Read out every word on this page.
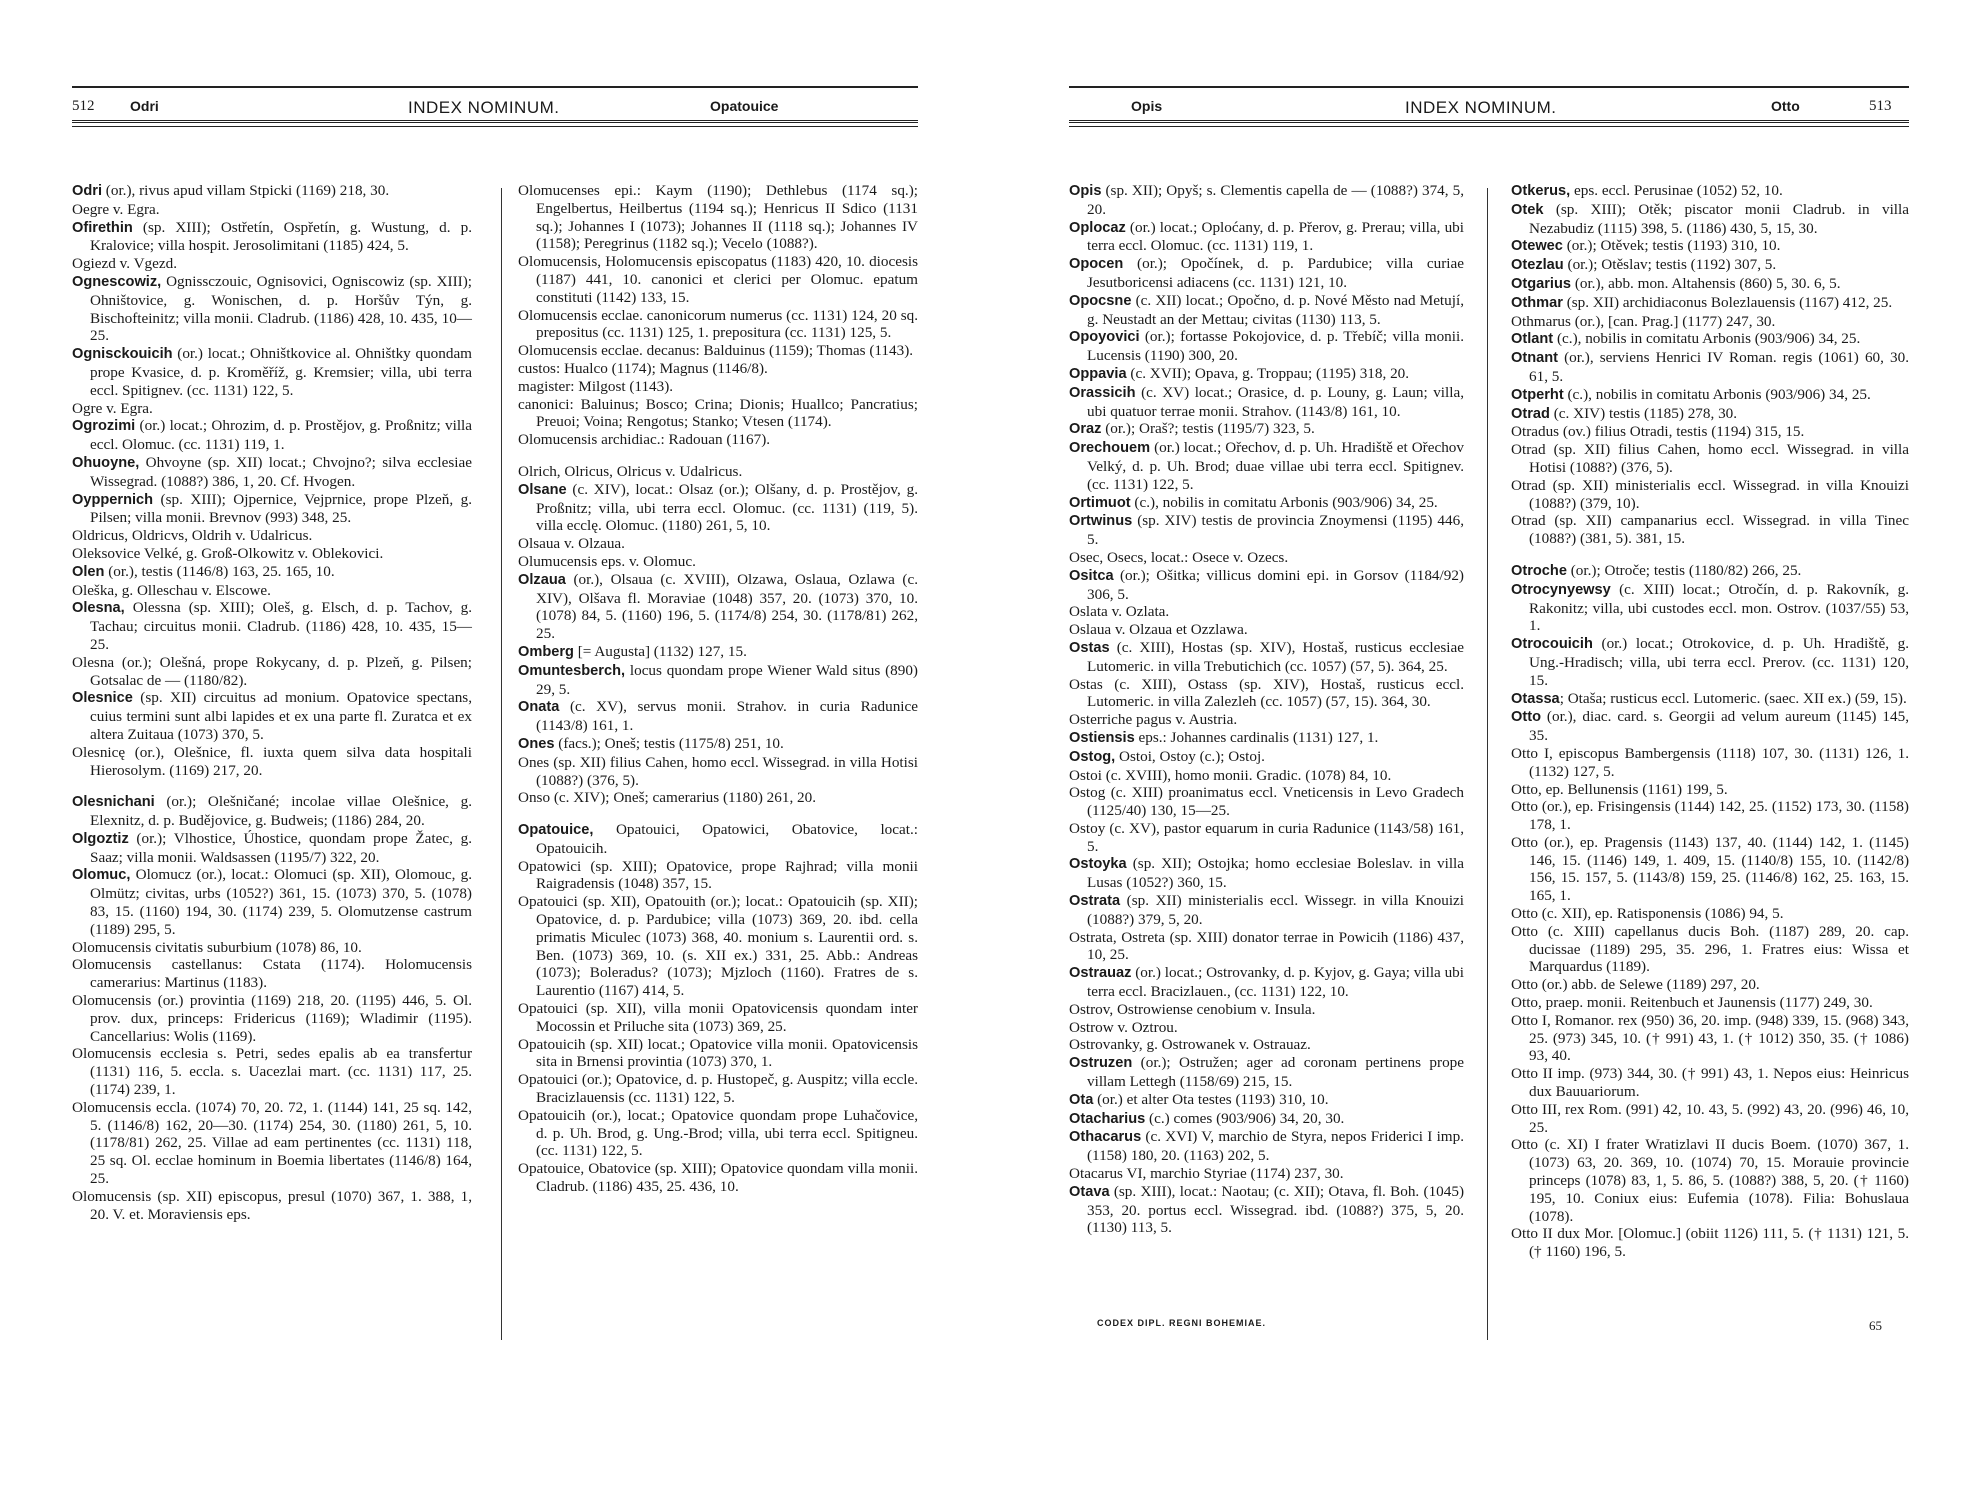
512	Odri	INDEX NOMINUM.	Opatouice
Odri (or.), rivus apud villam Stpicki (1169) 218, 30.
Oegre v. Egra.
Ofirethin (sp. XIII); Ostřetín, Ospřetín, g. Wustung, d. p. Kralovice; villa hospit. Jerosolimitani (1185) 424, 5.
Ogiezd v. Vgezd.
Ognescowiz, Ognissczouic, Ognisovici, Ogniscowiz (sp. XIII); Ohništovice, g. Wonischen, d. p. Horšův Týn, g. Bischofteinitz; villa monii. Cladrub. (1186) 428, 10. 435, 10—25.
Ognisckouicih (or.) locat.; Ohništkovice al. Ohništky quondam prope Kvasice, d. p. Kroměříž, g. Kremsier; villa, ubi terra eccl. Spitignev. (cc. 1131) 122, 5.
Ogre v. Egra.
Ogrozimi (or.) locat.; Ohrozim, d. p. Prostějov, g. Proßnitz; villa eccl. Olomuc. (cc. 1131) 119, 1.
Ohuoyne, Ohvoyne (sp. XII) locat.; Chvojno?; silva ecclesiae Wissegrad. (1088?) 386, 1, 20. Cf. Hvogen.
Oyppernich (sp. XIII); Ojpernice, Vejprnice, prope Plzeň, g. Pilsen; villa monii. Brevnov (993) 348, 25.
Oldricus, Oldricvs, Oldrih v. Udalricus.
Oleksovice Velké, g. Groß-Olkowitz v. Oblekovici.
Olen (or.), testis (1146/8) 163, 25. 165, 10.
Oleška, g. Olleschau v. Elscowe.
Olesna, Olessna (sp. XIII); Oleš, g. Elsch, d. p. Tachov, g. Tachau; circuitus monii. Cladrub. (1186) 428, 10. 435, 15—25.
Olesna (or.); Olešná, prope Rokycany, d. p. Plzeň, g. Pilsen; Gotsalac de — (1180/82).
Olesnice (sp. XII) circuitus ad monium. Opatovice spectans, cuius termini sunt albi lapides et ex una parte fl. Zuratca et ex altera Zuitaua (1073) 370, 5.
Olesnicę (or.), Olešnice, fl. iuxta quem silva data hospitali Hierosolym. (1169) 217, 20.
Olesnichani (or.); Olešničané; incolae villae Olešnice, g. Elexnitz, d. p. Budějovice, g. Budweis; (1186) 284, 20.
Olgoztiz (or.); Vlhostice, Úhostice, quondam prope Žatec, g. Saaz; villa monii. Waldsassen (1195/7) 322, 20.
Olomuc, Olomucz (or.), locat.: Olomuci (sp. XII), Olomouc, g. Olmütz; civitas, urbs (1052?) 361, 15. (1073) 370, 5. (1078) 83, 15. (1160) 194, 30. (1174) 239, 5. Olomutzense castrum (1189) 295, 5.
Olomucensis civitatis suburbium (1078) 86, 10.
Olomucensis castellanus: Cstata (1174). Holomucensis camerarius: Martinus (1183).
Olomucensis (or.) provintia (1169) 218, 20. (1195) 446, 5. Ol. prov. dux, princeps: Fridericus (1169); Wladimir (1195). Cancellarius: Wolis (1169).
Olomucensis ecclesia s. Petri, sedes epalis ab ea transfertur (1131) 116, 5. eccla. s. Uacezlai mart. (cc. 1131) 117, 25. (1174) 239, 1.
Olomucensis eccla. (1074) 70, 20. 72, 1. (1144) 141, 25 sq. 142, 5. (1146/8) 162, 20—30. (1174) 254, 30. (1180) 261, 5, 10. (1178/81) 262, 25. Villae ad eam pertinentes (cc. 1131) 118, 25 sq. Ol. ecclae hominum in Boemia libertates (1146/8) 164, 25.
Olomucensis (sp. XII) episcopus, presul (1070) 367, 1. 388, 1, 20. V. et. Moraviensis eps.
Olomucenses epi.: Kaym (1190); Dethlebus (1174 sq.); Engelbertus, Heilbertus (1194 sq.); Henricus II Sdico (1131 sq.); Johannes I (1073); Johannes II (1118 sq.); Johannes IV (1158); Peregrinus (1182 sq.); Vecelo (1088?).
Olomucensis, Holomucensis episcopatus (1183) 420, 10. diocesis (1187) 441, 10. canonici et clerici per Olomuc. epatum constituti (1142) 133, 15.
Olomucensis ecclae. canonicorum numerus (cc. 1131) 124, 20 sq. prepositus (cc. 1131) 125, 1. prepositura (cc. 1131) 125, 5.
Olomucensis ecclae. decanus: Balduinus (1159); Thomas (1143).
custos: Hualco (1174); Magnus (1146/8).
magister: Milgost (1143).
canonici: Baluinus; Bosco; Crina; Dionis; Huallco; Pancratius; Preuoi; Voina; Rengotus; Stanko; Vtesen (1174).
Olomucensis archidiac.: Radouan (1167).
Olrich, Olricus, Olricus v. Udalricus.
Olsane (c. XIV), locat.: Olsaz (or.); Olšany, d. p. Prostějov, g. Proßnitz; villa, ubi terra eccl. Olomuc. (cc. 1131) (119, 5). villa ecclę. Olomuc. (1180) 261, 5, 10.
Olsaua v. Olzaua.
Olumucensis eps. v. Olomuc.
Olzaua (or.), Olsaua (c. XVIII), Olzawa, Oslaua, Ozlawa (c. XIV), Olšava fl. Moraviae (1048) 357, 20. (1073) 370, 10. (1078) 84, 5. (1160) 196, 5. (1174/8) 254, 30. (1178/81) 262, 25.
Omberg [= Augusta] (1132) 127, 15.
Omuntesberch, locus quondam prope Wiener Wald situs (890) 29, 5.
Onata (c. XV), servus monii. Strahov. in curia Radunice (1143/8) 161, 1.
Ones (facs.); Oneš; testis (1175/8) 251, 10.
Ones (sp. XII) filius Cahen, homo eccl. Wissegrad. in villa Hotisi (1088?) (376, 5).
Onso (c. XIV); Oneš; camerarius (1180) 261, 20.
Opatouice, Opatouici, Opatowici, Obatovice, locat.: Opatouicih.
Opatowici (sp. XIII); Opatovice, prope Rajhrad; villa monii Raigradensis (1048) 357, 15.
Opatouici (sp. XII), Opatouith (or.); locat.: Opatouicih (sp. XII); Opatovice, d. p. Pardubice; villa (1073) 369, 20. ibd. cella primatis Miculec (1073) 368, 40. monium s. Laurentii ord. s. Ben. (1073) 369, 10. (s. XII ex.) 331, 25. Abb.: Andreas (1073); Boleradus? (1073); Mjzloch (1160). Fratres de s. Laurentio (1167) 414, 5.
Opatouici (sp. XII), villa monii Opatovicensis quondam inter Mocossin et Priluche sita (1073) 369, 25.
Opatouicih (sp. XII) locat.; Opatovice villa monii. Opatovicensis sita in Brnensi provintia (1073) 370, 1.
Opatouici (or.); Opatovice, d. p. Hustopeč, g. Auspitz; villa eccle. Bracizlauensis (cc. 1131) 122, 5.
Opatouicih (or.), locat.; Opatovice quondam prope Luhačovice, d. p. Uh. Brod, g. Ung.-Brod; villa, ubi terra eccl. Spitigneu. (cc. 1131) 122, 5.
Opatouice, Obatovice (sp. XIII); Opatovice quondam villa monii. Cladrub. (1186) 435, 25. 436, 10.
Opis	INDEX NOMINUM.	Otto	513
Opis (sp. XII); Opyš; s. Clementis capella de — (1088?) 374, 5, 20.
Oplocaz (or.) locat.; Oploćany, d. p. Přerov, g. Prerau; villa, ubi terra eccl. Olomuc. (cc. 1131) 119, 1.
Opocen (or.); Opočínek, d. p. Pardubice; villa curiae Jesutboricensi adiacens (cc. 1131) 121, 10.
Opocsne (c. XII) locat.; Opočno, d. p. Nové Město nad Metují, g. Neustadt an der Mettau; civitas (1130) 113, 5.
Opoyovici (or.); fortasse Pokojovice, d. p. Třebíč; villa monii. Lucensis (1190) 300, 20.
Oppavia (c. XVII); Opava, g. Troppau; (1195) 318, 20.
Orassicih (c. XV) locat.; Orasice, d. p. Louny, g. Laun; villa, ubi quatuor terrae monii. Strahov. (1143/8) 161, 10.
Oraz (or.); Oraš?; testis (1195/7) 323, 5.
Orechouem (or.) locat.; Ořechov, d. p. Uh. Hradiště et Ořechov Velký, d. p. Uh. Brod; duae villae ubi terra eccl. Spitignev. (cc. 1131) 122, 5.
Ortimuot (c.), nobilis in comitatu Arbonis (903/906) 34, 25.
Ortwinus (sp. XIV) testis de provincia Znoymensi (1195) 446, 5.
Osec, Osecs, locat.: Osece v. Ozecs.
Ositca (or.); Ošitka; villicus domini epi. in Gorsov (1184/92) 306, 5.
Oslata v. Ozlata.
Oslaua v. Olzaua et Ozzlawa.
Ostas (c. XIII), Hostas (sp. XIV), Hostaš, rusticus ecclesiae Lutomeric. in villa Trebutichich (cc. 1057) (57, 5). 364, 25.
Ostas (c. XIII), Ostass (sp. XIV), Hostaš, rusticus eccl. Lutomeric. in villa Zalezleh (cc. 1057) (57, 15). 364, 30.
Osterriche pagus v. Austria.
Ostiensis eps.: Johannes cardinalis (1131) 127, 1.
Ostog, Ostoi, Ostoy (c.); Ostoj.
Ostoi (c. XVIII), homo monii. Gradic. (1078) 84, 10.
Ostog (c. XIII) proanimatus eccl. Vneticensis in Levo Gradech (1125/40) 130, 15—25.
Ostoy (c. XV), pastor equarum in curia Radunice (1143/58) 161, 5.
Ostoyka (sp. XII); Ostojka; homo ecclesiae Boleslav. in villa Lusas (1052?) 360, 15.
Ostrata (sp. XII) ministerialis eccl. Wissegr. in villa Knouizi (1088?) 379, 5, 20.
Ostrata, Ostreta (sp. XIII) donator terrae in Powicih (1186) 437, 10, 25.
Ostrauaz (or.) locat.; Ostrovanky, d. p. Kyjov, g. Gaya; villa ubi terra eccl. Bracizlauen., (cc. 1131) 122, 10.
Ostrov, Ostrowiense cenobium v. Insula.
Ostrow v. Oztrou.
Ostrovanky, g. Ostrowanek v. Ostrauaz.
Ostruzen (or.); Ostružen; ager ad coronam pertinens prope villam Lettegh (1158/69) 215, 15.
Ota (or.) et alter Ota testes (1193) 310, 10.
Otacharius (c.) comes (903/906) 34, 20, 30.
Othacarus (c. XVI) V, marchio de Styra, nepos Friderici I imp. (1158) 180, 20. (1163) 202, 5.
Otacarus VI, marchio Styriae (1174) 237, 30.
Otava (sp. XIII), locat.: Naotau; (c. XII); Otava, fl. Boh. (1045) 353, 20. portus eccl. Wissegrad. ibd. (1088?) 375, 5, 20. (1130) 113, 5.
Otkerus, eps. eccl. Perusinae (1052) 52, 10.
Otek (sp. XIII); Otěk; piscator monii Cladrub. in villa Nezabudiz (1115) 398, 5. (1186) 430, 5, 15, 30.
Otewec (or.); Otěvek; testis (1193) 310, 10.
Otezlau (or.); Otěslav; testis (1192) 307, 5.
Otgarius (or.), abb. mon. Altahensis (860) 5, 30. 6, 5.
Othmar (sp. XII) archidiaconus Bolezlauensis (1167) 412, 25.
Othmarus (or.), [can. Prag.] (1177) 247, 30.
Otlant (c.), nobilis in comitatu Arbonis (903/906) 34, 25.
Otnant (or.), serviens Henrici IV Roman. regis (1061) 60, 30. 61, 5.
Otperht (c.), nobilis in comitatu Arbonis (903/906) 34, 25.
Otrad (c. XIV) testis (1185) 278, 30.
Otradus (ov.) filius Otradi, testis (1194) 315, 15.
Otrad (sp. XII) filius Cahen, homo eccl. Wissegrad. in villa Hotisi (1088?) (376, 5).
Otrad (sp. XII) ministerialis eccl. Wissegrad. in villa Knouizi (1088?) (379, 10).
Otrad (sp. XII) campanarius eccl. Wissegrad. in villa Tinec (1088?) (381, 5). 381, 15.
Otroche (or.); Otroče; testis (1180/82) 266, 25.
Otrocynyewsy (c. XIII) locat.; Otročín, d. p. Rakovník, g. Rakonitz; villa, ubi custodes eccl. mon. Ostrov. (1037/55) 53, 1.
Otrocouicih (or.) locat.; Otrokovice, d. p. Uh. Hradiště, g. Ung.-Hradisch; villa, ubi terra eccl. Prerov. (cc. 1131) 120, 15.
Otassa; Otaša; rusticus eccl. Lutomeric. (saec. XII ex.) (59, 15).
Otto (or.), diac. card. s. Georgii ad velum aureum (1145) 145, 35.
Otto I, episcopus Bambergensis (1118) 107, 30. (1131) 126, 1. (1132) 127, 5.
Otto, ep. Bellunensis (1161) 199, 5.
Otto (or.), ep. Frisingensis (1144) 142, 25. (1152) 173, 30. (1158) 178, 1.
Otto (or.), ep. Pragensis (1143) 137, 40. (1144) 142, 1. (1145) 146, 15. (1146) 149, 1. 409, 15. (1140/8) 155, 10. (1142/8) 156, 15. 157, 5. (1143/8) 159, 25. (1146/8) 162, 25. 163, 15. 165, 1.
Otto (c. XII), ep. Ratisponensis (1086) 94, 5.
Otto (c. XIII) capellanus ducis Boh. (1187) 289, 20. cap. ducissae (1189) 295, 35. 296, 1. Fratres eius: Wissa et Marquardus (1189).
Otto (or.) abb. de Selewe (1189) 297, 20.
Otto, praep. monii. Reitenbuch et Jaunensis (1177) 249, 30.
Otto I, Romanor. rex (950) 36, 20. imp. (948) 339, 15. (968) 343, 25. (973) 345, 10. († 991) 43, 1. († 1012) 350, 35. († 1086) 93, 40.
Otto II imp. (973) 344, 30. († 991) 43, 1. Nepos eius: Heinricus dux Bauuariorum.
Otto III, rex Rom. (991) 42, 10. 43, 5. (992) 43, 20. (996) 46, 10, 25.
Otto (c. XI) I frater Wratizlavi II ducis Boem. (1070) 367, 1. (1073) 63, 20. 369, 10. (1074) 70, 15. Morauie provincie princeps (1078) 83, 1, 5. 86, 5. (1088?) 388, 5, 20. († 1160) 195, 10. Coniux eius: Eufemia (1078). Filia: Bohuslaua (1078).
Otto II dux Mor. [Olomuc.] (obiit 1126) 111, 5. († 1131) 121, 5. († 1160) 196, 5.
CODEX DIPL. REGNI BOHEMIAE.	65
